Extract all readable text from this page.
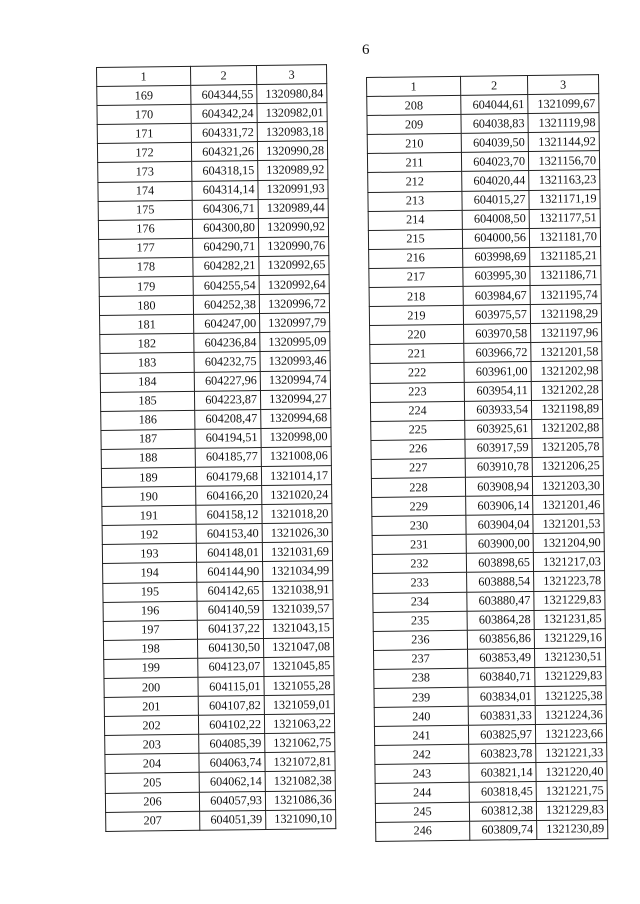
6
1	2	3
169	604344,55	1320980,84
170	604342,24	1320982,01
171	604331,72	1320983,18
172	604321,26	1320990,28
173	604318,15	1320989,92
174	604314,14	1320991,93
175	604306,71	1320989,44
176	604300,80	1320990,92
177	604290,71	1320990,76
178	604282,21	1320992,65
179	604255,54	1320992,64
180	604252,38	1320996,72
181	604247,00	1320997,79
182	604236,84	1320995,09
183	604232,75	1320993,46
184	604227,96	1320994,74
185	604223,87	1320994,27
186	604208,47	1320994,68
187	604194,51	1320998,00
188	604185,77	1321008,06
189	604179,68	1321014,17
190	604166,20	1321020,24
191	604158,12	1321018,20
192	604153,40	1321026,30
193	604148,01	1321031,69
194	604144,90	1321034,99
195	604142,65	1321038,91
196	604140,59	1321039,57
197	604137,22	1321043,15
198	604130,50	1321047,08
199	604123,07	1321045,85
200	604115,01	1321055,28
201	604107,82	1321059,01
202	604102,22	1321063,22
203	604085,39	1321062,75
204	604063,74	1321072,81
205	604062,14	1321082,38
206	604057,93	1321086,36
207	604051,39	1321090,10
1	2	3
208	604044,61	1321099,67
209	604038,83	1321119,98
210	604039,50	1321144,92
211	604023,70	1321156,70
212	604020,44	1321163,23
213	604015,27	1321171,19
214	604008,50	1321177,51
215	604000,56	1321181,70
216	603998,69	1321185,21
217	603995,30	1321186,71
218	603984,67	1321195,74
219	603975,57	1321198,29
220	603970,58	1321197,96
221	603966,72	1321201,58
222	603961,00	1321202,98
223	603954,11	1321202,28
224	603933,54	1321198,89
225	603925,61	1321202,88
226	603917,59	1321205,78
227	603910,78	1321206,25
228	603908,94	1321203,30
229	603906,14	1321201,46
230	603904,04	1321201,53
231	603900,00	1321204,90
232	603898,65	1321217,03
233	603888,54	1321223,78
234	603880,47	1321229,83
235	603864,28	1321231,85
236	603856,86	1321229,16
237	603853,49	1321230,51
238	603840,71	1321229,83
239	603834,01	1321225,38
240	603831,33	1321224,36
241	603825,97	1321223,66
242	603823,78	1321221,33
243	603821,14	1321220,40
244	603818,45	1321221,75
245	603812,38	1321229,83
246	603809,74	1321230,89
